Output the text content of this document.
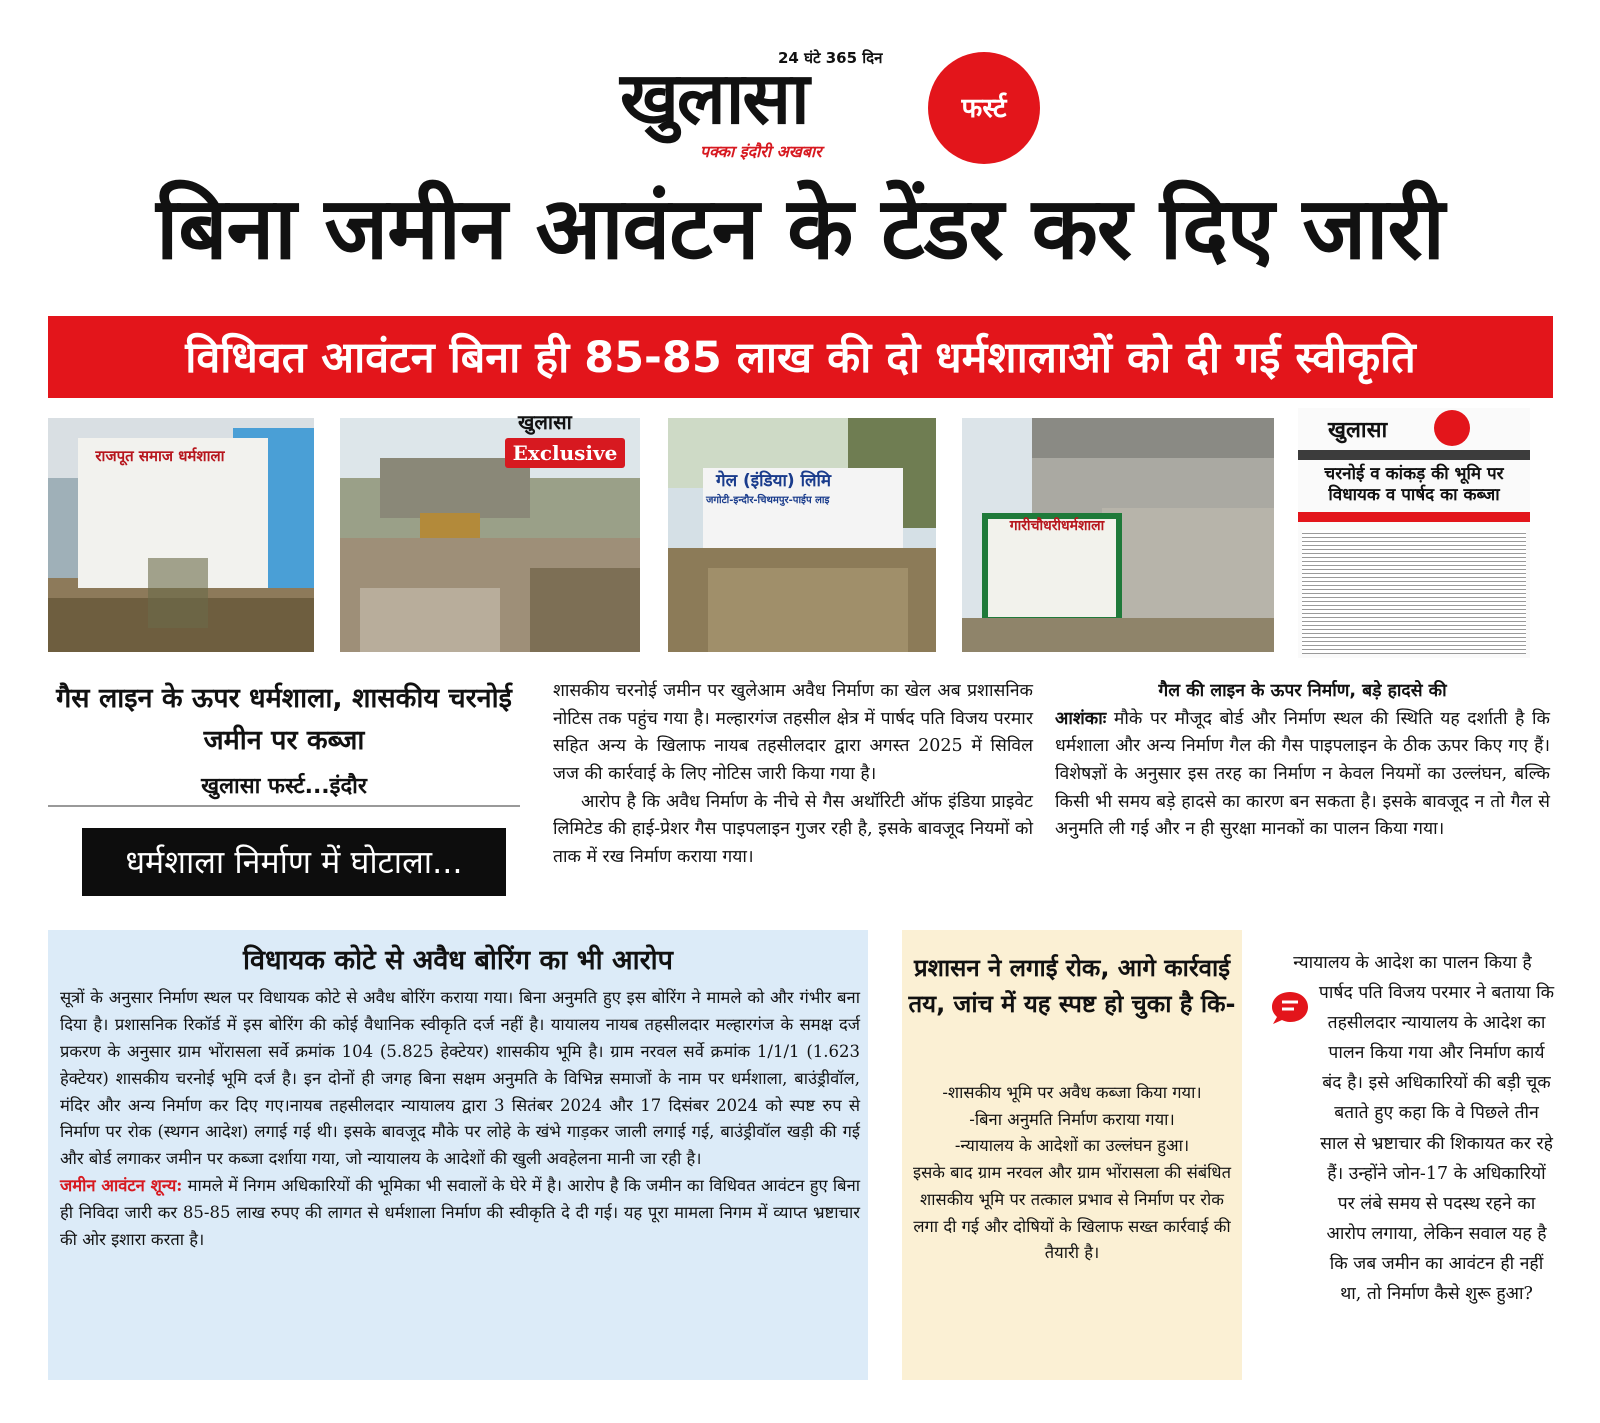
24 घंटे 365 दिन
खुलासा
पक्का इंदौरी अखबार
फर्स्ट
बिना जमीन आवंटन के टेंडर कर दिए जारी
विधिवत आवंटन बिना ही 85-85 लाख की दो धर्मशालाओं को दी गई स्वीकृति
राजपूत समाज धर्मशाला
खुलासा
Exclusive
गेल (इंडिया) लिमि
जगोटी-इन्दौर-चिथमपुर-पाईप लाइ
गारीचौधरीधर्मशाला
खुलासा
चरनोई व कांकड़ की भूमि पर विधायक व पार्षद का कब्जा
गैस लाइन के ऊपर धर्मशाला, शासकीय चरनोई जमीन पर कब्जा
खुलासा फर्स्ट...इंदौर
धर्मशाला निर्माण में घोटाला...

शासकीय चरनोई जमीन पर खुलेआम अवैध निर्माण का खेल अब प्रशासनिक नोटिस तक पहुंच गया है। मल्हारगंज तहसील क्षेत्र में पार्षद पति विजय परमार सहित अन्य के खिलाफ नायब तहसीलदार द्वारा अगस्त 2025 में सिविल जज की कार्रवाई के लिए नोटिस जारी किया गया है।

आरोप है कि अवैध निर्माण के नीचे से गैस अथॉरिटी ऑफ इंडिया प्राइवेट लिमिटेड की हाई-प्रेशर गैस पाइपलाइन गुजर रही है, इसके बावजूद नियमों को ताक में रख निर्माण कराया गया।

गैल की लाइन के ऊपर निर्माण, बड़े हादसे की
आशंकाः मौके पर मौजूद बोर्ड और निर्माण स्थल की स्थिति यह दर्शाती है कि धर्मशाला और अन्य निर्माण गैल की गैस पाइपलाइन के ठीक ऊपर किए गए हैं। विशेषज्ञों के अनुसार इस तरह का निर्माण न केवल नियमों का उल्लंघन, बल्कि किसी भी समय बड़े हादसे का कारण बन सकता है। इसके बावजूद न तो गैल से अनुमति ली गई और न ही सुरक्षा मानकों का पालन किया गया।
विधायक कोटे से अवैध बोरिंग का भी आरोप
सूत्रों के अनुसार निर्माण स्थल पर विधायक कोटे से अवैध बोरिंग कराया गया। बिना अनुमति हुए इस बोरिंग ने मामले को और गंभीर बना दिया है। प्रशासनिक रिकॉर्ड में इस बोरिंग की कोई वैधानिक स्वीकृति दर्ज नहीं है। यायालय नायब तहसीलदार मल्हारगंज के समक्ष दर्ज प्रकरण के अनुसार ग्राम भोंरासला सर्वे क्रमांक 104 (5.825 हेक्टेयर) शासकीय भूमि है। ग्राम नरवल सर्वे क्रमांक 1/1/1 (1.623 हेक्टेयर) शासकीय चरनोई भूमि दर्ज है। इन दोनों ही जगह बिना सक्षम अनुमति के विभिन्न समाजों के नाम पर धर्मशाला, बाउंड्रीवॉल, मंदिर और अन्य निर्माण कर दिए गए।नायब तहसीलदार न्यायालय द्वारा 3 सितंबर 2024 और 17 दिसंबर 2024 को स्पष्ट रुप से निर्माण पर रोक (स्थगन आदेश) लगाई गई थी। इसके बावजूद मौके पर लोहे के खंभे गाड़कर जाली लगाई गई, बाउंड्रीवॉल खड़ी की गई और बोर्ड लगाकर जमीन पर कब्जा दर्शाया गया, जो न्यायालय के आदेशों की खुली अवहेलना मानी जा रही है।
जमीन आवंटन शून्य: मामले में निगम अधिकारियों की भूमिका भी सवालों के घेरे में है। आरोप है कि जमीन का विधिवत आवंटन हुए बिना ही निविदा जारी कर 85-85 लाख रुपए की लागत से धर्मशाला निर्माण की स्वीकृति दे दी गई। यह पूरा मामला निगम में व्याप्त भ्रष्टाचार की ओर इशारा करता है।
प्रशासन ने लगाई रोक, आगे कार्रवाई तय, जांच में यह स्पष्ट हो चुका है कि-
-शासकीय भूमि पर अवैध कब्जा किया गया।
-बिना अनुमति निर्माण कराया गया।
-न्यायालय के आदेशों का उल्लंघन हुआ।
इसके बाद ग्राम नरवल और ग्राम भोंरासला की संबंधित शासकीय भूमि पर तत्काल प्रभाव से निर्माण पर रोक लगा दी गई और दोषियों के खिलाफ सख्त कार्रवाई की तैयारी है।
न्यायालय के आदेश का पालन किया है
पार्षद पति विजय परमार ने बताया कि तहसीलदार न्यायालय के आदेश का पालन किया गया और निर्माण कार्य बंद है। इसे अधिकारियों की बड़ी चूक बताते हुए कहा कि वे पिछले तीन साल से भ्रष्टाचार की शिकायत कर रहे हैं। उन्होंने जोन-17 के अधिकारियों पर लंबे समय से पदस्थ रहने का आरोप लगाया, लेकिन सवाल यह है कि जब जमीन का आवंटन ही नहीं था, तो निर्माण कैसे शुरू हुआ?
